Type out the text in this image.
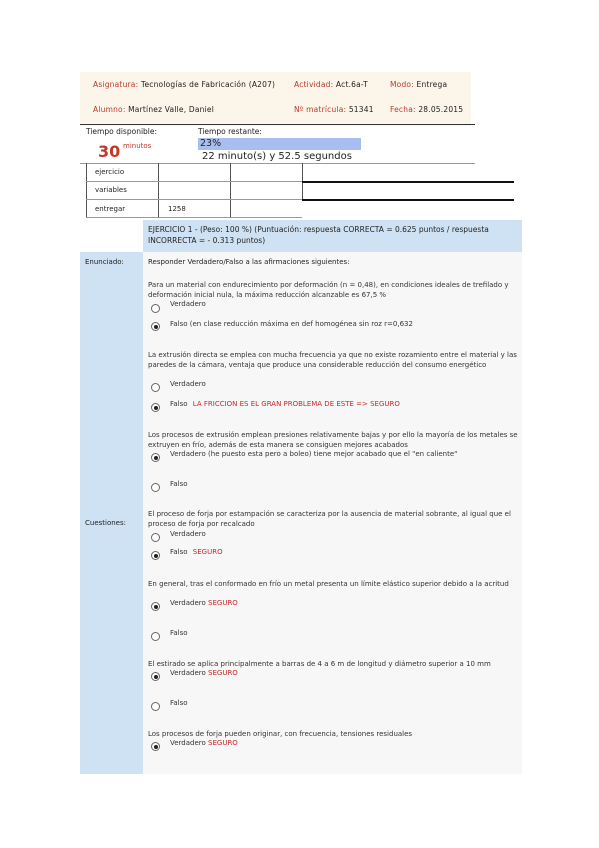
Asignatura: Tecnologías de Fabricación (A207)	Actividad: Act.6a-T	Modo: Entrega
Alumno: Martínez Valle, Daniel	Nº matrícula: 51341 Fecha: 28.05.2015
Tiempo disponible:
30 minutos
Tiempo restante:
23%
22 minuto(s) y 52.5 segundos
ejercicio
variables
entregar	1258
EJERCICIO 1 - (Peso: 100 %) (Puntuación: respuesta CORRECTA = 0.625 puntos / respuesta INCORRECTA = - 0.313 puntos)
Enunciado:	Responder Verdadero/Falso a las afirmaciones siguientes:
Cuestiones:
Para un material con endurecimiento por deformación (n = 0,48), en condiciones ideales de trefilado y deformación inicial nula, la máxima reducción alcanzable es 67,5 %
Verdadero
Falso (en clase reducción máxima en def homogénea sin roz r=0,632
La extrusión directa se emplea con mucha frecuencia ya que no existe rozamiento entre el material y las paredes de la cámara, ventaja que produce una considerable reducción del consumo energético
Verdadero
Falso LA FRICCION ES EL GRAN PROBLEMA DE ESTE => SEGURO
Los procesos de extrusión emplean presiones relativamente bajas y por ello la mayoría de los metales se extruyen en frío, además de esta manera se consiguen mejores acabados
Verdadero (he puesto esta pero a boleo) tiene mejor acabado que el "en caliente"
Falso
El proceso de forja por estampación se caracteriza por la ausencia de material sobrante, al igual que el proceso de forja por recalcado
Verdadero
Falso SEGURO
En general, tras el conformado en frío un metal presenta un límite elástico superior debido a la acritud
Verdadero SEGURO
Falso
El estirado se aplica principalmente a barras de 4 a 6 m de longitud y diámetro superior a 10 mm
Verdadero SEGURO
Falso
Los procesos de forja pueden originar, con frecuencia, tensiones residuales
Verdadero SEGURO
